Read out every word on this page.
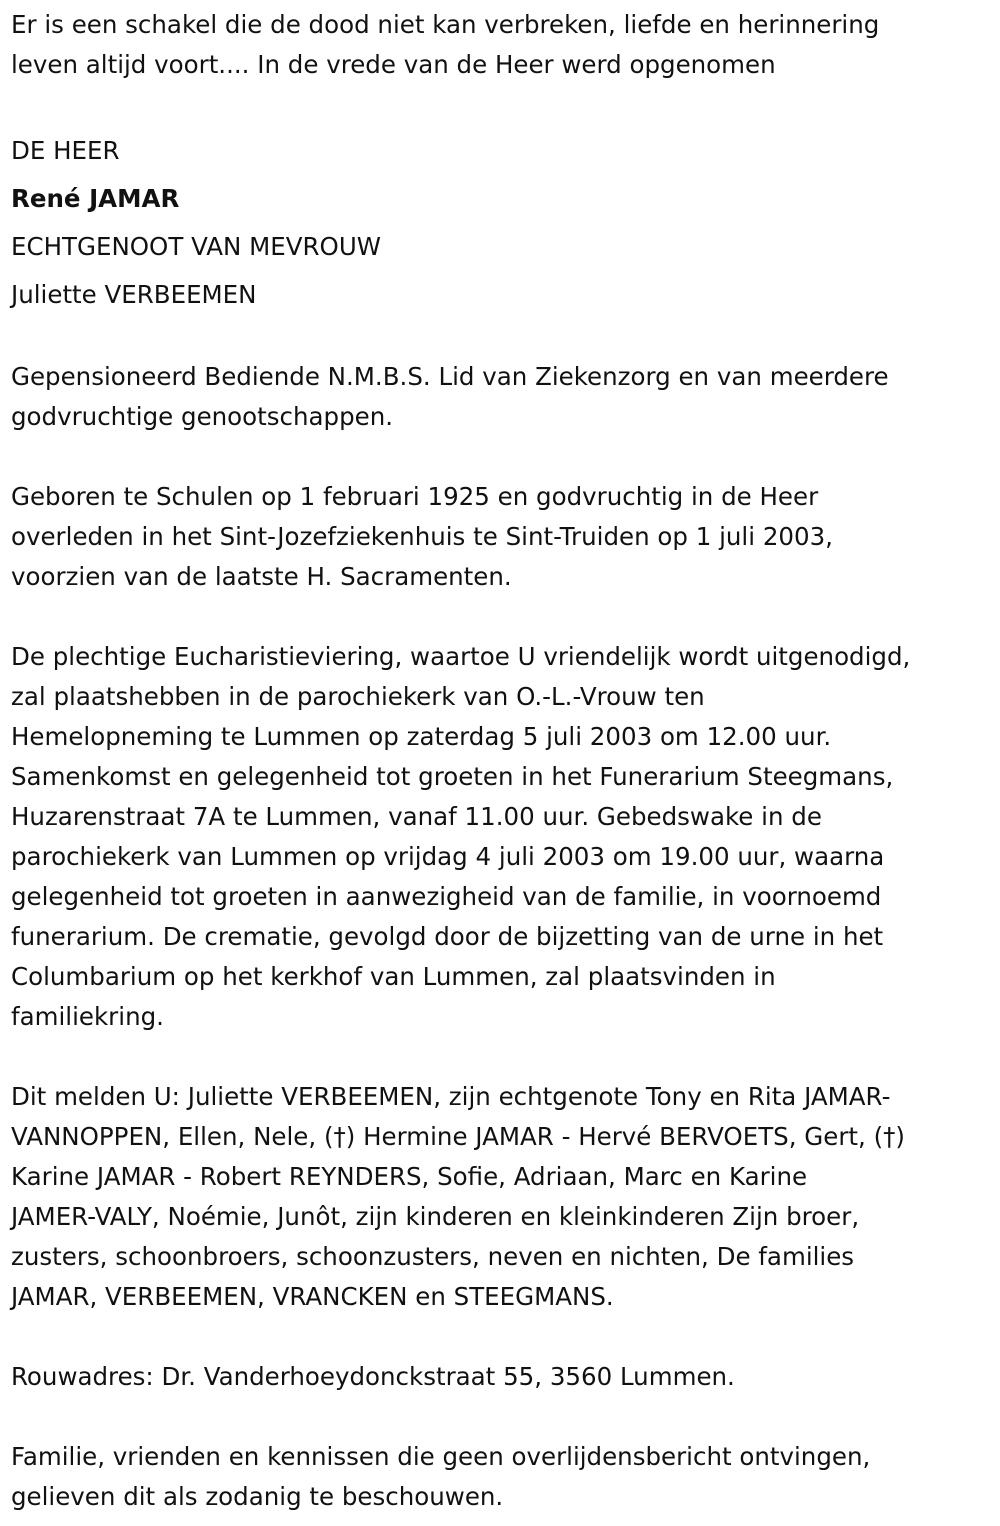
Er is een schakel die de dood niet kan verbreken, liefde en herinnering
leven altijd voort.... In de vrede van de Heer werd opgenomen

DE HEER

René JAMAR

ECHTGENOOT VAN MEVROUW

Juliette VERBEEMEN

Gepensioneerd Bediende N.M.B.S. Lid van Ziekenzorg en van meerdere
godvruchtige genootschappen.

Geboren te Schulen op 1 februari 1925 en godvruchtig in de Heer
overleden in het Sint-Jozefziekenhuis te Sint-Truiden op 1 juli 2003,
voorzien van de laatste H. Sacramenten.

De plechtige Eucharistieviering, waartoe U vriendelijk wordt uitgenodigd,
zal plaatshebben in de parochiekerk van O.-L.-Vrouw ten
Hemelopneming te Lummen op zaterdag 5 juli 2003 om 12.00 uur.
Samenkomst en gelegenheid tot groeten in het Funerarium Steegmans,
Huzarenstraat 7A te Lummen, vanaf 11.00 uur. Gebedswake in de
parochiekerk van Lummen op vrijdag 4 juli 2003 om 19.00 uur, waarna
gelegenheid tot groeten in aanwezigheid van de familie, in voornoemd
funerarium. De crematie, gevolgd door de bijzetting van de urne in het
Columbarium op het kerkhof van Lummen, zal plaatsvinden in
familiekring.

Dit melden U: Juliette VERBEEMEN, zijn echtgenote Tony en Rita JAMAR-
VANNOPPEN, Ellen, Nele, (†) Hermine JAMAR - Hervé BERVOETS, Gert, (†)
Karine JAMAR - Robert REYNDERS, Sofie, Adriaan, Marc en Karine
JAMER-VALY, Noémie, Junôt, zijn kinderen en kleinkinderen Zijn broer,
zusters, schoonbroers, schoonzusters, neven en nichten, De families
JAMAR, VERBEEMEN, VRANCKEN en STEEGMANS.

Rouwadres: Dr. Vanderhoeydonckstraat 55, 3560 Lummen.

Familie, vrienden en kennissen die geen overlijdensbericht ontvingen,
gelieven dit als zodanig te beschouwen.
